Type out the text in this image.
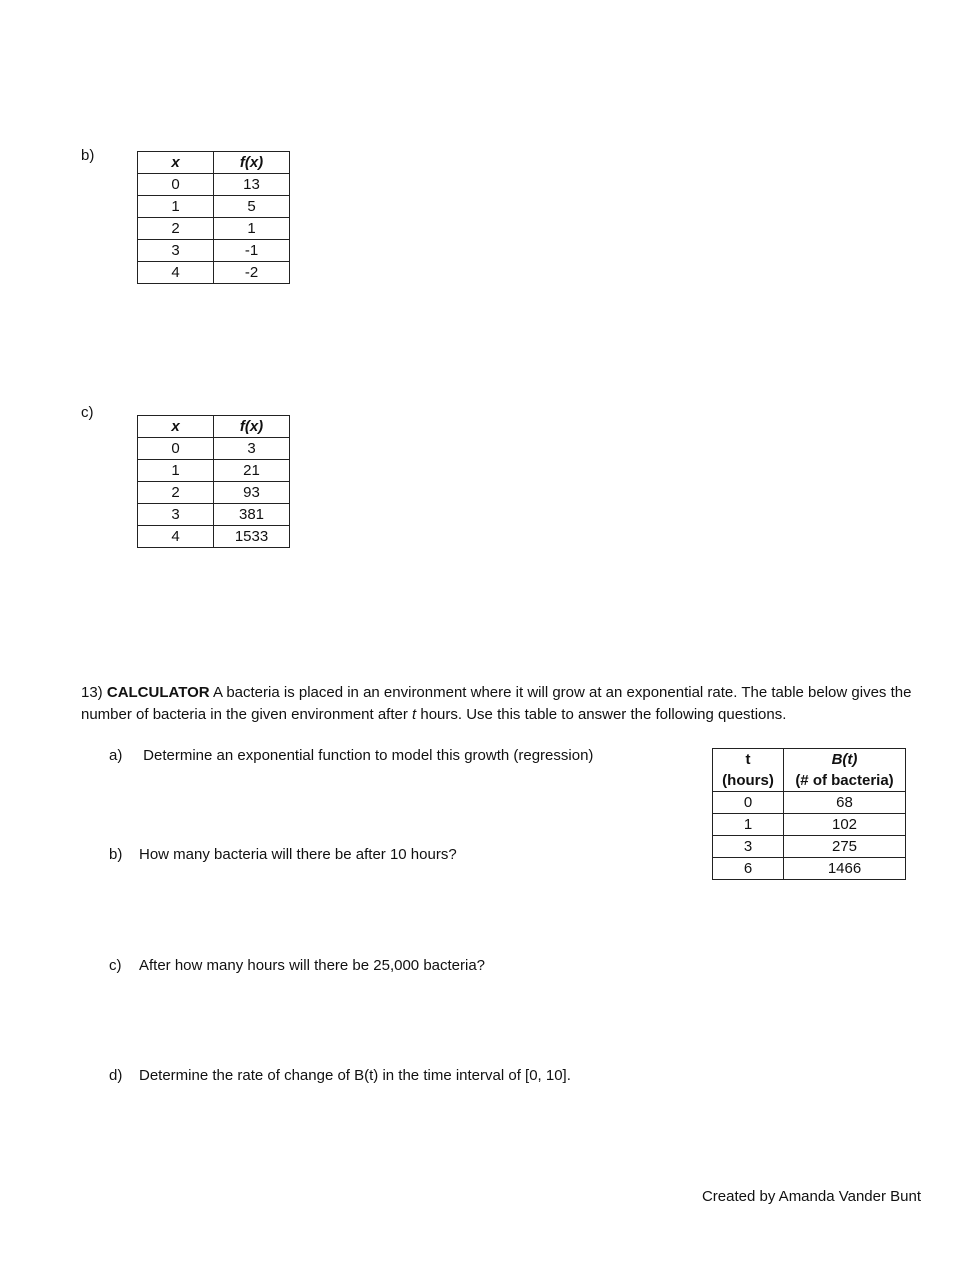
b)	x	f(x)
0	13
1	5
2	1
3	-1
4	-2
c)
x	f(x)
0	3
1	21
2	93
3	381
4	1533
13) CALCULATOR A bacteria is placed in an environment where it will grow at an exponential rate. The table below gives the number of bacteria in the given environment after t hours. Use this table to answer the following questions.
a) Determine an exponential function to model this growth (regression)
b) How many bacteria will there be after 10 hours?
c) After how many hours will there be 25,000 bacteria?
d) Determine the rate of change of B(t) in the time interval of [0, 10].
t	B(t)
(hours)	(# of bacteria)
0	68
1	102
3	275
6	1466
Created by Amanda Vander Bunt
